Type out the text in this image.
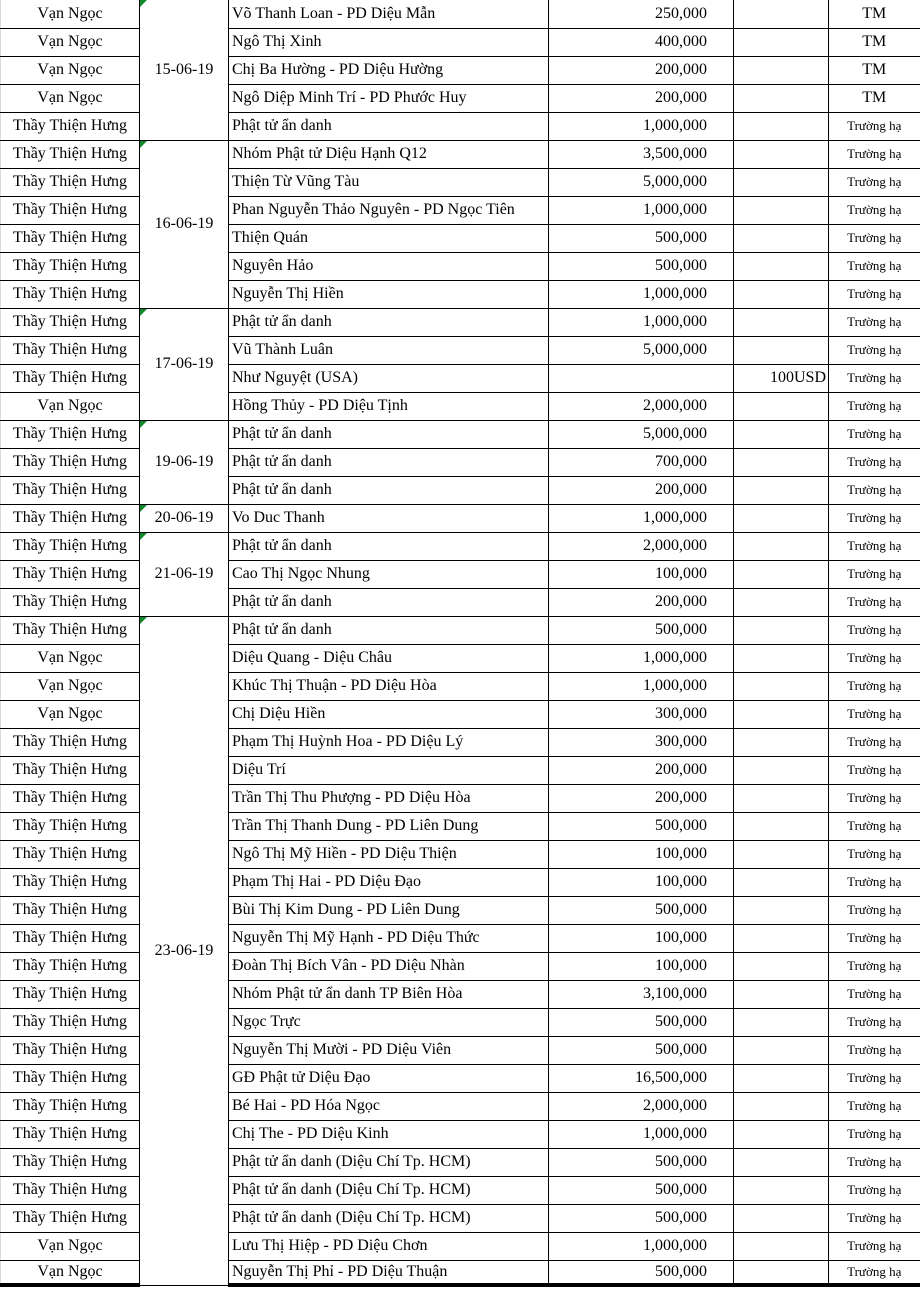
Vạn Ngọc	15-06-19	Võ Thanh Loan - PD Diệu Mẫn	250,000		TM
Vạn Ngọc		Ngô Thị Xinh	400,000		TM
Vạn Ngọc		Chị Ba Hường - PD Diệu Hường	200,000		TM
Vạn Ngọc		Ngô Diệp Minh Trí - PD Phước Huy	200,000		TM
Thầy Thiện Hưng		Phật tử ẩn danh	1,000,000		Trường hạ
Thầy Thiện Hưng	16-06-19	Nhóm Phật tử Diệu Hạnh Q12	3,500,000		Trường hạ
Thầy Thiện Hưng		Thiện Từ Vũng Tàu	5,000,000		Trường hạ
Thầy Thiện Hưng		Phan Nguyễn Thảo Nguyên - PD Ngọc Tiên	1,000,000		Trường hạ
Thầy Thiện Hưng		Thiện Quán	500,000		Trường hạ
Thầy Thiện Hưng		Nguyên Hảo	500,000		Trường hạ
Thầy Thiện Hưng		Nguyễn Thị Hiền	1,000,000		Trường hạ
Thầy Thiện Hưng	17-06-19	Phật tử ẩn danh	1,000,000		Trường hạ
Thầy Thiện Hưng		Vũ Thành Luân	5,000,000		Trường hạ
Thầy Thiện Hưng		Như Nguyệt (USA)		100USD	Trường hạ
Vạn Ngọc		Hồng Thủy - PD Diệu Tịnh	2,000,000		Trường hạ
Thầy Thiện Hưng	19-06-19	Phật tử ẩn danh	5,000,000		Trường hạ
Thầy Thiện Hưng		Phật tử ẩn danh	700,000		Trường hạ
Thầy Thiện Hưng		Phật tử ẩn danh	200,000		Trường hạ
Thầy Thiện Hưng	20-06-19	Vo Duc Thanh	1,000,000		Trường hạ
Thầy Thiện Hưng	21-06-19	Phật tử ẩn danh	2,000,000		Trường hạ
Thầy Thiện Hưng		Cao Thị Ngọc Nhung	100,000		Trường hạ
Thầy Thiện Hưng		Phật tử ẩn danh	200,000		Trường hạ
Thầy Thiện Hưng	23-06-19	Phật tử ẩn danh	500,000		Trường hạ
Vạn Ngọc		Diệu Quang - Diệu Châu	1,000,000		Trường hạ
Vạn Ngọc		Khúc Thị Thuận - PD Diệu Hòa	1,000,000		Trường hạ
Vạn Ngọc		Chị Diệu Hiền	300,000		Trường hạ
Thầy Thiện Hưng		Phạm Thị Huỳnh Hoa - PD Diệu Lý	300,000		Trường hạ
Thầy Thiện Hưng		Diệu Trí	200,000		Trường hạ
Thầy Thiện Hưng		Trần Thị Thu Phượng - PD Diệu Hòa	200,000		Trường hạ
Thầy Thiện Hưng		Trần Thị Thanh Dung - PD Liên Dung	500,000		Trường hạ
Thầy Thiện Hưng		Ngô Thị Mỹ Hiền - PD Diệu Thiện	100,000		Trường hạ
Thầy Thiện Hưng		Phạm Thị Hai - PD Diệu Đạo	100,000		Trường hạ
Thầy Thiện Hưng		Bùi Thị Kim Dung - PD Liên Dung	500,000		Trường hạ
Thầy Thiện Hưng		Nguyễn Thị Mỹ Hạnh - PD Diệu Thức	100,000		Trường hạ
Thầy Thiện Hưng		Đoàn Thị Bích Vân - PD Diệu Nhàn	100,000		Trường hạ
Thầy Thiện Hưng		Nhóm Phật tử ẩn danh TP Biên Hòa	3,100,000		Trường hạ
Thầy Thiện Hưng		Ngọc Trực	500,000		Trường hạ
Thầy Thiện Hưng		Nguyễn Thị Mười - PD Diệu Viên	500,000		Trường hạ
Thầy Thiện Hưng		GĐ Phật tử Diệu Đạo	16,500,000		Trường hạ
Thầy Thiện Hưng		Bé Hai - PD Hóa Ngọc	2,000,000		Trường hạ
Thầy Thiện Hưng		Chị The - PD Diệu Kinh	1,000,000		Trường hạ
Thầy Thiện Hưng		Phật tử ẩn danh (Diệu Chí Tp. HCM)	500,000		Trường hạ
Thầy Thiện Hưng		Phật tử ẩn danh (Diệu Chí Tp. HCM)	500,000		Trường hạ
Thầy Thiện Hưng		Phật tử ẩn danh (Diệu Chí Tp. HCM)	500,000		Trường hạ
Vạn Ngọc		Lưu Thị Hiệp - PD Diệu Chơn	1,000,000		Trường hạ
Vạn Ngọc		Nguyễn Thị Phỉ - PD Diệu Thuận	500,000		Trường hạ
